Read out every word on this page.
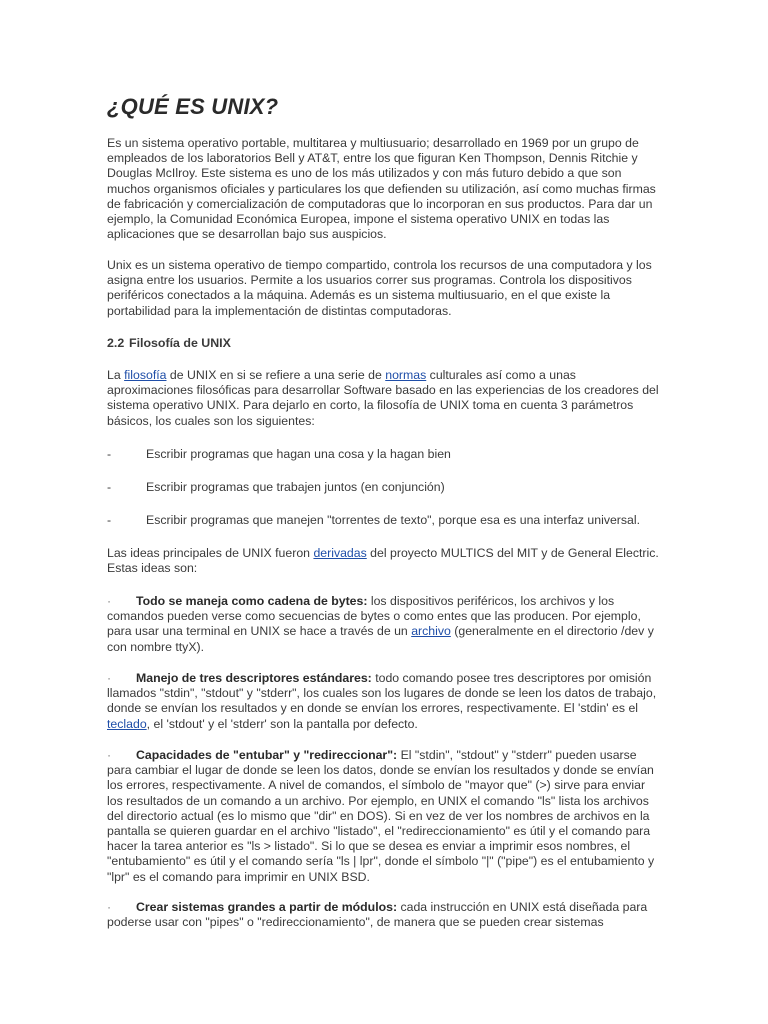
¿QUÉ ES UNIX?

Es un sistema operativo portable, multitarea y multiusuario; desarrollado en 1969 por un grupo de empleados de los laboratorios Bell y AT&T, entre los que figuran Ken Thompson, Dennis Ritchie y Douglas McIlroy. Este sistema es uno de los más utilizados y con más futuro debido a que son muchos organismos oficiales y particulares los que defienden su utilización, así como muchas firmas de fabricación y comercialización de computadoras que lo incorporan en sus productos. Para dar un ejemplo, la Comunidad Económica Europea, impone el sistema operativo UNIX en todas las aplicaciones que se desarrollan bajo sus auspicios.

Unix es un sistema operativo de tiempo compartido, controla los recursos de una computadora y los asigna entre los usuarios. Permite a los usuarios correr sus programas. Controla los dispositivos periféricos conectados a la máquina. Además es un sistema multiusuario, en el que existe la portabilidad para la implementación de distintas computadoras.

2.2 Filosofía de UNIX

La filosofía de UNIX en si se refiere a una serie de normas culturales así como a unas aproximaciones filosóficas para desarrollar Software basado en las experiencias de los creadores del sistema operativo UNIX. Para dejarlo en corto, la filosofía de UNIX toma en cuenta 3 parámetros básicos, los cuales son los siguientes:

-	Escribir programas que hagan una cosa y la hagan bien
-	Escribir programas que trabajen juntos (en conjunción)
-	Escribir programas que manejen "torrentes de texto", porque esa es una interfaz universal.

Las ideas principales de UNIX fueron derivadas del proyecto MULTICS del MIT y de General Electric. Estas ideas son:

· Todo se maneja como cadena de bytes: los dispositivos periféricos, los archivos y los comandos pueden verse como secuencias de bytes o como entes que las producen. Por ejemplo, para usar una terminal en UNIX se hace a través de un archivo (generalmente en el directorio /dev y con nombre ttyX).

· Manejo de tres descriptores estándares: todo comando posee tres descriptores por omisión llamados "stdin", "stdout" y "stderr", los cuales son los lugares de donde se leen los datos de trabajo, donde se envían los resultados y en donde se envían los errores, respectivamente. El 'stdin' es el teclado, el 'stdout' y el 'stderr' son la pantalla por defecto.

· Capacidades de "entubar" y "redireccionar": El "stdin", "stdout" y "stderr" pueden usarse para cambiar el lugar de donde se leen los datos, donde se envían los resultados y donde se envían los errores, respectivamente. A nivel de comandos, el símbolo de "mayor que" (>) sirve para enviar los resultados de un comando a un archivo. Por ejemplo, en UNIX el comando "ls" lista los archivos del directorio actual (es lo mismo que "dir" en DOS). Si en vez de ver los nombres de archivos en la pantalla se quieren guardar en el archivo "listado", el "redireccionamiento" es útil y el comando para hacer la tarea anterior es "ls > listado". Si lo que se desea es enviar a imprimir esos nombres, el "entubamiento" es útil y el comando sería "ls | lpr", donde el símbolo "|" ("pipe") es el entubamiento y "lpr" es el comando para imprimir en UNIX BSD.

· Crear sistemas grandes a partir de módulos: cada instrucción en UNIX está diseñada para poderse usar con "pipes" o "redireccionamiento", de manera que se pueden crear sistemas
